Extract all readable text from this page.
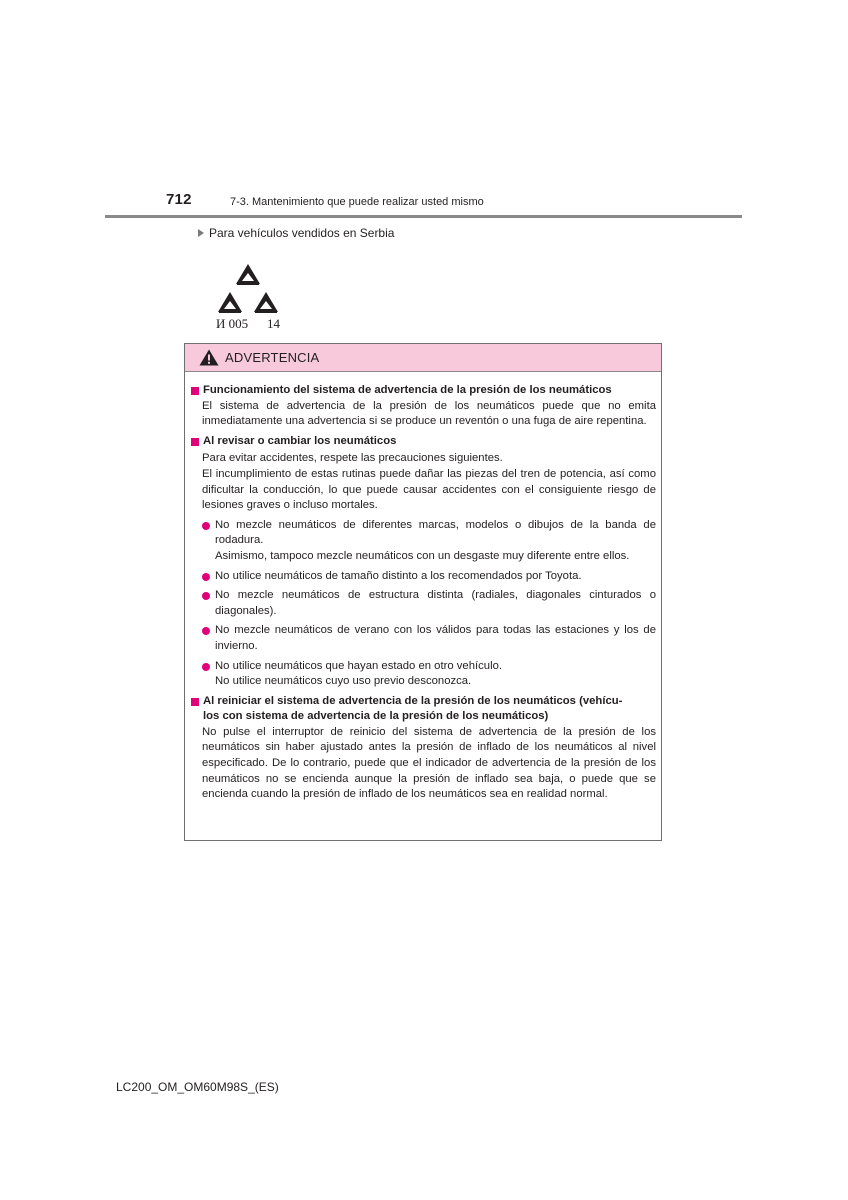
712	7-3. Mantenimiento que puede realizar usted mismo
Para vehículos vendidos en Serbia
И 005 14
ADVERTENCIA
Funcionamiento del sistema de advertencia de la presión de los neumáticos
El sistema de advertencia de la presión de los neumáticos puede que no emita inmediatamente una advertencia si se produce un reventón o una fuga de aire repentina.
Al revisar o cambiar los neumáticos
Para evitar accidentes, respete las precauciones siguientes.
El incumplimiento de estas rutinas puede dañar las piezas del tren de potencia, así como dificultar la conducción, lo que puede causar accidentes con el consiguiente riesgo de lesiones graves o incluso mortales.
No mezcle neumáticos de diferentes marcas, modelos o dibujos de la banda de rodadura.
Asimismo, tampoco mezcle neumáticos con un desgaste muy diferente entre ellos.
No utilice neumáticos de tamaño distinto a los recomendados por Toyota.
No mezcle neumáticos de estructura distinta (radiales, diagonales cinturados o diagonales).
No mezcle neumáticos de verano con los válidos para todas las estaciones y los de invierno.
No utilice neumáticos que hayan estado en otro vehículo.
No utilice neumáticos cuyo uso previo desconozca.
Al reiniciar el sistema de advertencia de la presión de los neumáticos (vehícu-
los con sistema de advertencia de la presión de los neumáticos)
No pulse el interruptor de reinicio del sistema de advertencia de la presión de los neumáticos sin haber ajustado antes la presión de inflado de los neumáticos al nivel especificado. De lo contrario, puede que el indicador de advertencia de la presión de los neumáticos no se encienda aunque la presión de inflado sea baja, o puede que se encienda cuando la presión de inflado de los neumáticos sea en realidad normal.
LC200_OM_OM60M98S_(ES)
